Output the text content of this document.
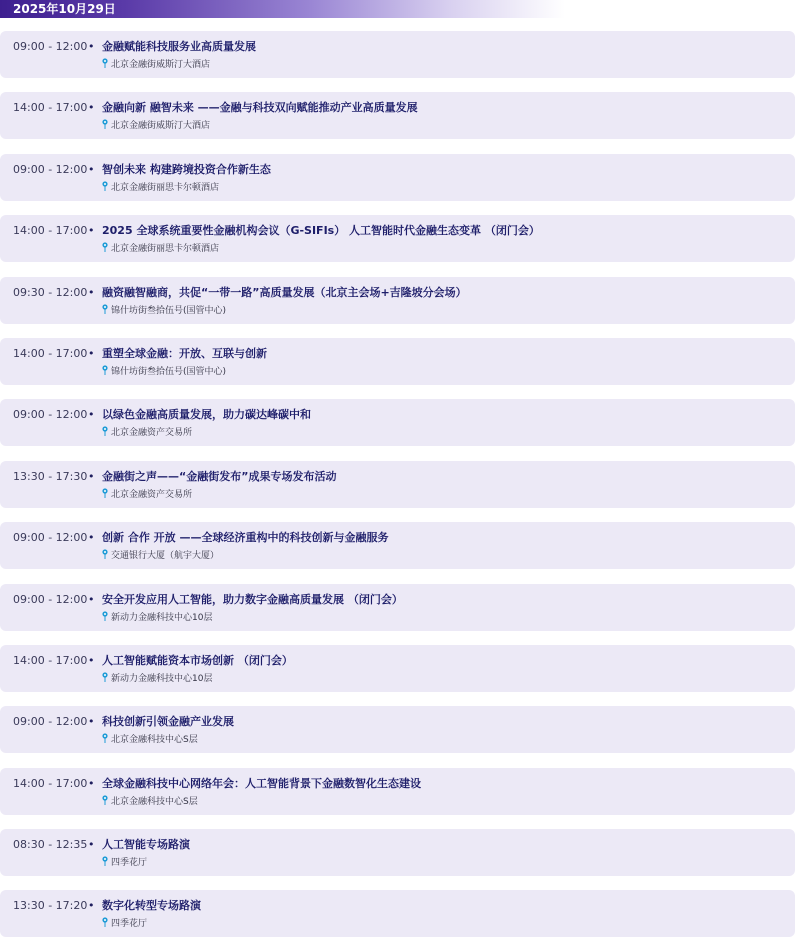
2025年10月29日
09:00 - 12:00 • 金融赋能科技服务业高质量发展
北京金融街威斯汀大酒店
14:00 - 17:00 • 金融向新 融智未来 ——金融与科技双向赋能推动产业高质量发展
北京金融街威斯汀大酒店
09:00 - 12:00 • 智创未来 构建跨境投资合作新生态
北京金融街丽思卡尔顿酒店
14:00 - 17:00 • 2025 全球系统重要性金融机构会议（G-SIFIs） 人工智能时代金融生态变革 （闭门会）
北京金融街丽思卡尔顿酒店
09:30 - 12:00 • 融资融智融商，共促“一带一路”高质量发展（北京主会场+吉隆坡分会场）
锦什坊街叁拾伍号(国管中心)
14:00 - 17:00 • 重塑全球金融：开放、互联与创新
锦什坊街叁拾伍号(国管中心)
09:00 - 12:00 • 以绿色金融高质量发展，助力碳达峰碳中和
北京金融资产交易所
13:30 - 17:30 • 金融街之声——“金融街发布”成果专场发布活动
北京金融资产交易所
09:00 - 12:00 • 创新 合作 开放 ——全球经济重构中的科技创新与金融服务
交通银行大厦（航宇大厦）
09:00 - 12:00 • 安全开发应用人工智能，助力数字金融高质量发展 （闭门会）
新动力金融科技中心10层
14:00 - 17:00 • 人工智能赋能资本市场创新 （闭门会）
新动力金融科技中心10层
09:00 - 12:00 • 科技创新引领金融产业发展
北京金融科技中心S层
14:00 - 17:00 • 全球金融科技中心网络年会：人工智能背景下金融数智化生态建设
北京金融科技中心S层
08:30 - 12:35 • 人工智能专场路演
四季花厅
13:30 - 17:20 • 数字化转型专场路演
四季花厅
